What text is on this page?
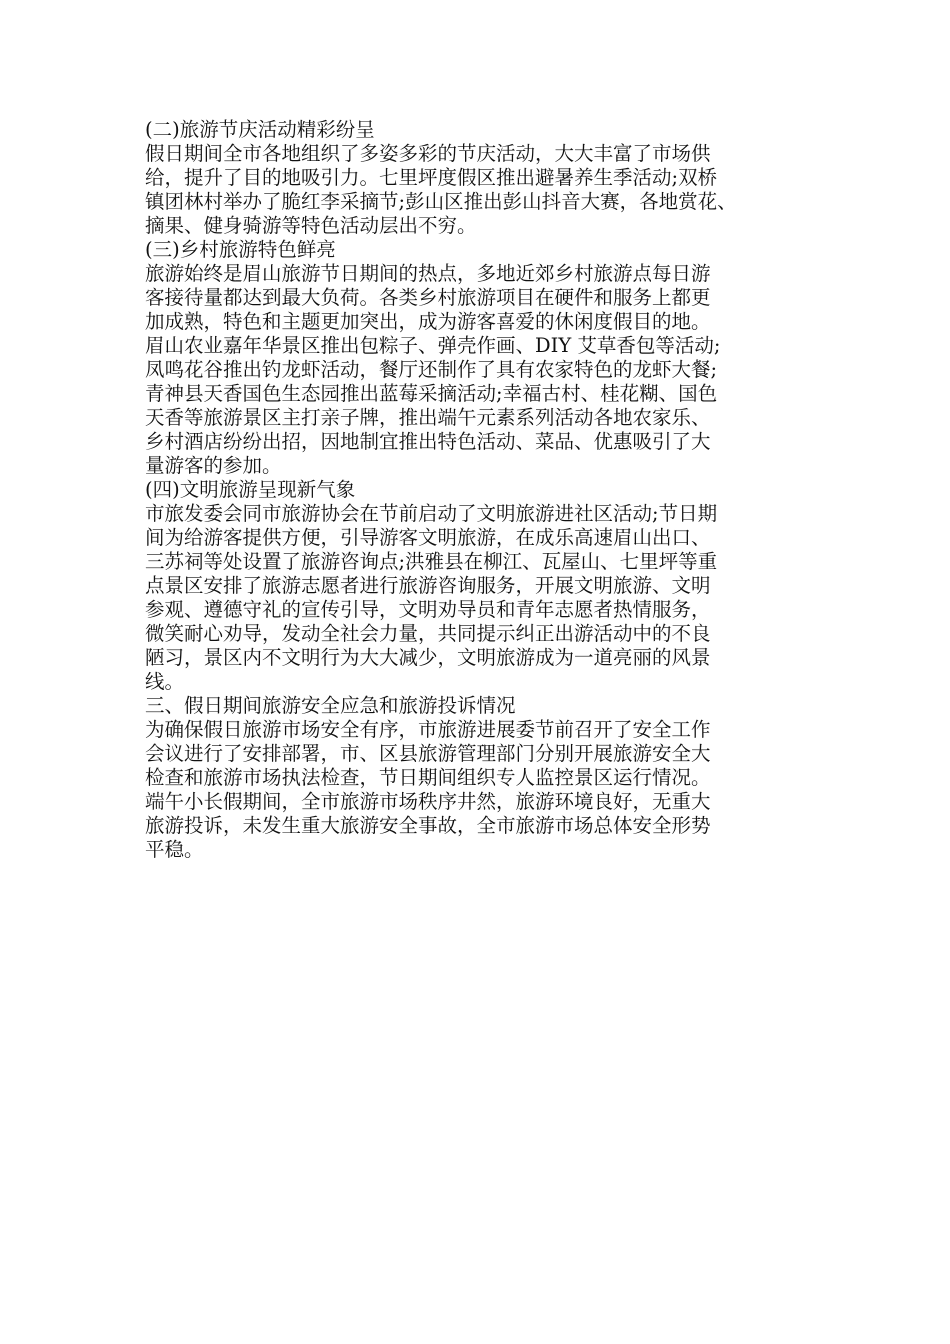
(二)旅游节庆活动精彩纷呈
假日期间全市各地组织了多姿多彩的节庆活动，大大丰富了市场供
给，提升了目的地吸引力。七里坪度假区推出避暑养生季活动;双桥
镇团林村举办了脆红李采摘节;彭山区推出彭山抖音大赛，各地赏花、
摘果、健身骑游等特色活动层出不穷。
(三)乡村旅游特色鲜亮
旅游始终是眉山旅游节日期间的热点，多地近郊乡村旅游点每日游
客接待量都达到最大负荷。各类乡村旅游项目在硬件和服务上都更
加成熟，特色和主题更加突出，成为游客喜爱的休闲度假目的地。
眉山农业嘉年华景区推出包粽子、弹壳作画、DIY 艾草香包等活动;
凤鸣花谷推出钓龙虾活动，餐厅还制作了具有农家特色的龙虾大餐;
青神县天香国色生态园推出蓝莓采摘活动;幸福古村、桂花糊、国色
天香等旅游景区主打亲子牌，推出端午元素系列活动各地农家乐、
乡村酒店纷纷出招，因地制宜推出特色活动、菜品、优惠吸引了大
量游客的参加。
(四)文明旅游呈现新气象
市旅发委会同市旅游协会在节前启动了文明旅游进社区活动;节日期
间为给游客提供方便，引导游客文明旅游，在成乐高速眉山出口、
三苏祠等处设置了旅游咨询点;洪雅县在柳江、瓦屋山、七里坪等重
点景区安排了旅游志愿者进行旅游咨询服务，开展文明旅游、文明
参观、遵德守礼的宣传引导，文明劝导员和青年志愿者热情服务，
微笑耐心劝导，发动全社会力量，共同提示纠正出游活动中的不良
陋习，景区内不文明行为大大减少，文明旅游成为一道亮丽的风景
线。
三、假日期间旅游安全应急和旅游投诉情况
为确保假日旅游市场安全有序，市旅游进展委节前召开了安全工作
会议进行了安排部署，市、区县旅游管理部门分别开展旅游安全大
检查和旅游市场执法检查，节日期间组织专人监控景区运行情况。
端午小长假期间，全市旅游市场秩序井然，旅游环境良好，无重大
旅游投诉，未发生重大旅游安全事故，全市旅游市场总体安全形势
平稳。
